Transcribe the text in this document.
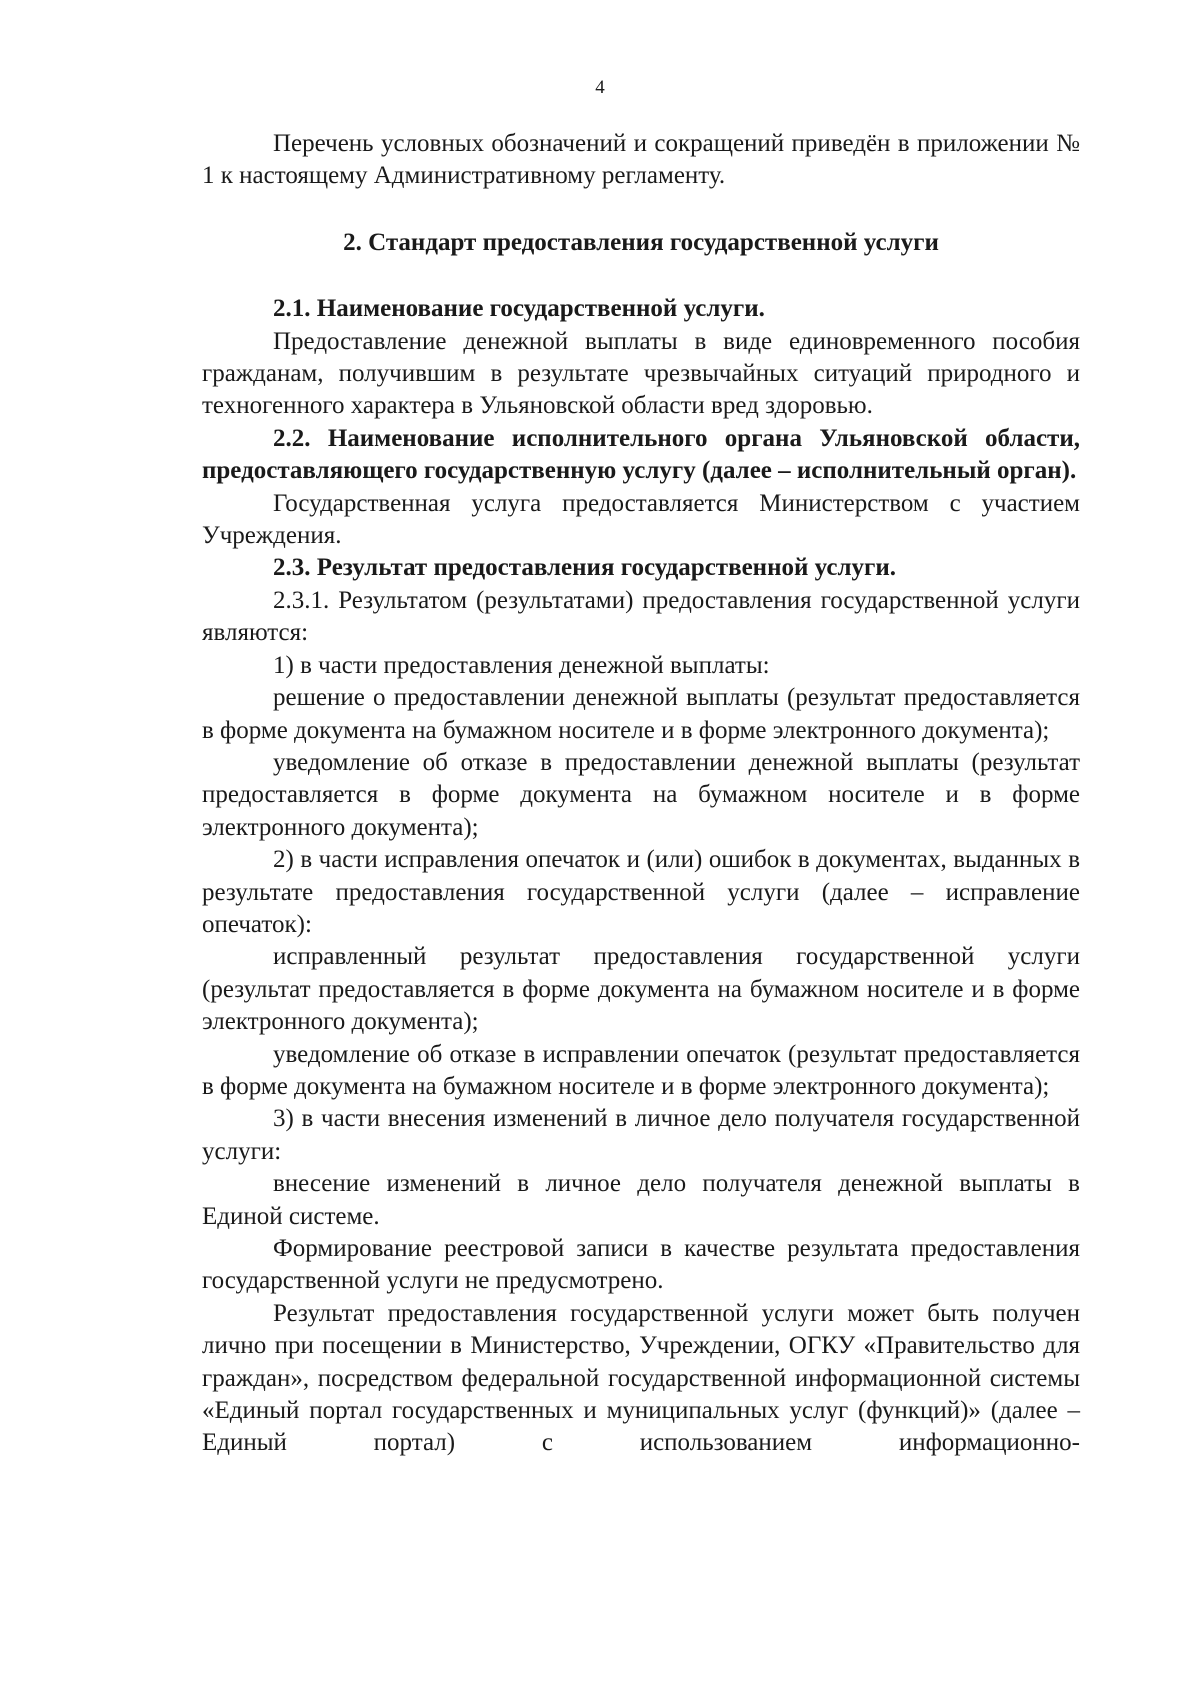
4

Перечень условных обозначений и сокращений приведён в приложении № 1 к настоящему Административному регламенту.

2. Стандарт предоставления государственной услуги

2.1. Наименование государственной услуги.

Предоставление денежной выплаты в виде единовременного пособия гражданам, получившим в результате чрезвычайных ситуаций природного и техногенного характера в Ульяновской области вред здоровью.

2.2. Наименование исполнительного органа Ульяновской области, предоставляющего государственную услугу (далее – исполнительный орган).

Государственная услуга предоставляется Министерством с участием Учреждения.

2.3. Результат предоставления государственной услуги.

2.3.1. Результатом (результатами) предоставления государственной услуги являются:

1) в части предоставления денежной выплаты:

решение о предоставлении денежной выплаты (результат предоставляется в форме документа на бумажном носителе и в форме электронного документа);

уведомление об отказе в предоставлении денежной выплаты (результат предоставляется в форме документа на бумажном носителе и в форме электронного документа);

2) в части исправления опечаток и (или) ошибок в документах, выданных в результате предоставления государственной услуги (далее – исправление опечаток):

исправленный результат предоставления государственной услуги (результат предоставляется в форме документа на бумажном носителе и в форме электронного документа);

уведомление об отказе в исправлении опечаток (результат предоставляется в форме документа на бумажном носителе и в форме электронного документа);

3) в части внесения изменений в личное дело получателя государственной услуги:

внесение изменений в личное дело получателя денежной выплаты в Единой системе.

Формирование реестровой записи в качестве результата предоставления государственной услуги не предусмотрено.

Результат предоставления государственной услуги может быть получен лично при посещении в Министерство, Учреждении, ОГКУ «Правительство для граждан», посредством федеральной государственной информационной системы «Единый портал государственных и муниципальных услуг (функций)» (далее – Единый портал) с использованием информационно-
